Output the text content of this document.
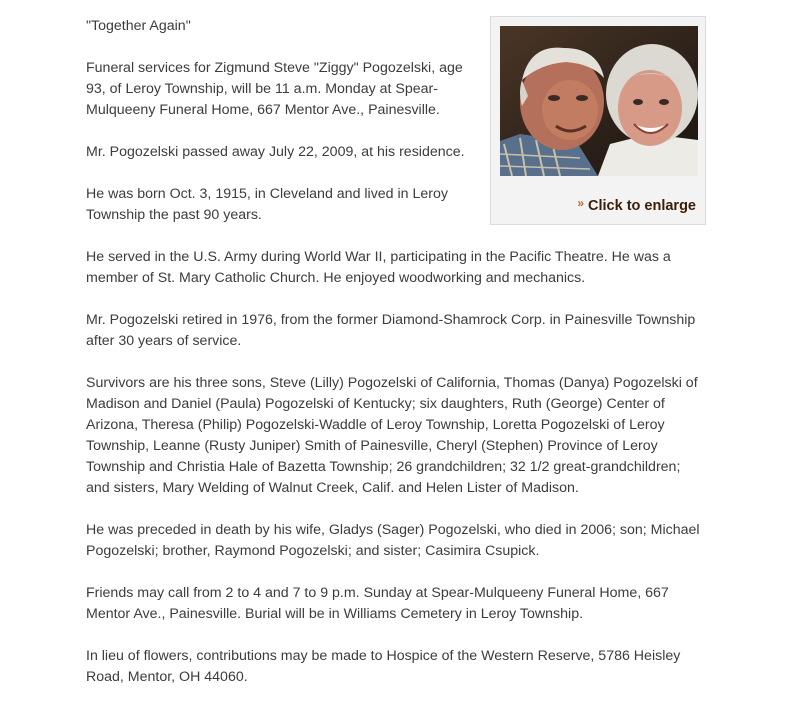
» Click to enlarge

"Together Again"

Funeral services for Zigmund Steve "Ziggy" Pogozelski, age 93, of Leroy Township, will be 11 a.m. Monday at Spear-Mulqueeny Funeral Home, 667 Mentor Ave., Painesville.

Mr. Pogozelski passed away July 22, 2009, at his residence.

He was born Oct. 3, 1915, in Cleveland and lived in Leroy Township the past 90 years.

He served in the U.S. Army during World War II, participating in the Pacific Theatre. He was a member of St. Mary Catholic Church. He enjoyed woodworking and mechanics.

Mr. Pogozelski retired in 1976, from the former Diamond-Shamrock Corp. in Painesville Township after 30 years of service.

Survivors are his three sons, Steve (Lilly) Pogozelski of California, Thomas (Danya) Pogozelski of Madison and Daniel (Paula) Pogozelski of Kentucky; six daughters, Ruth (George) Center of Arizona, Theresa (Philip) Pogozelski-Waddle of Leroy Township, Loretta Pogozelski of Leroy Township, Leanne (Rusty Juniper) Smith of Painesville, Cheryl (Stephen) Province of Leroy Township and Christia Hale of Bazetta Township; 26 grandchildren; 32 1/2 great-grandchildren; and sisters, Mary Welding of Walnut Creek, Calif. and Helen Lister of Madison.

He was preceded in death by his wife, Gladys (Sager) Pogozelski, who died in 2006; son; Michael Pogozelski; brother, Raymond Pogozelski; and sister; Casimira Csupick.

Friends may call from 2 to 4 and 7 to 9 p.m. Sunday at Spear-Mulqueeny Funeral Home, 667 Mentor Ave., Painesville. Burial will be in Williams Cemetery in Leroy Township.

In lieu of flowers, contributions may be made to Hospice of the Western Reserve, 5786 Heisley Road, Mentor, OH 44060.
